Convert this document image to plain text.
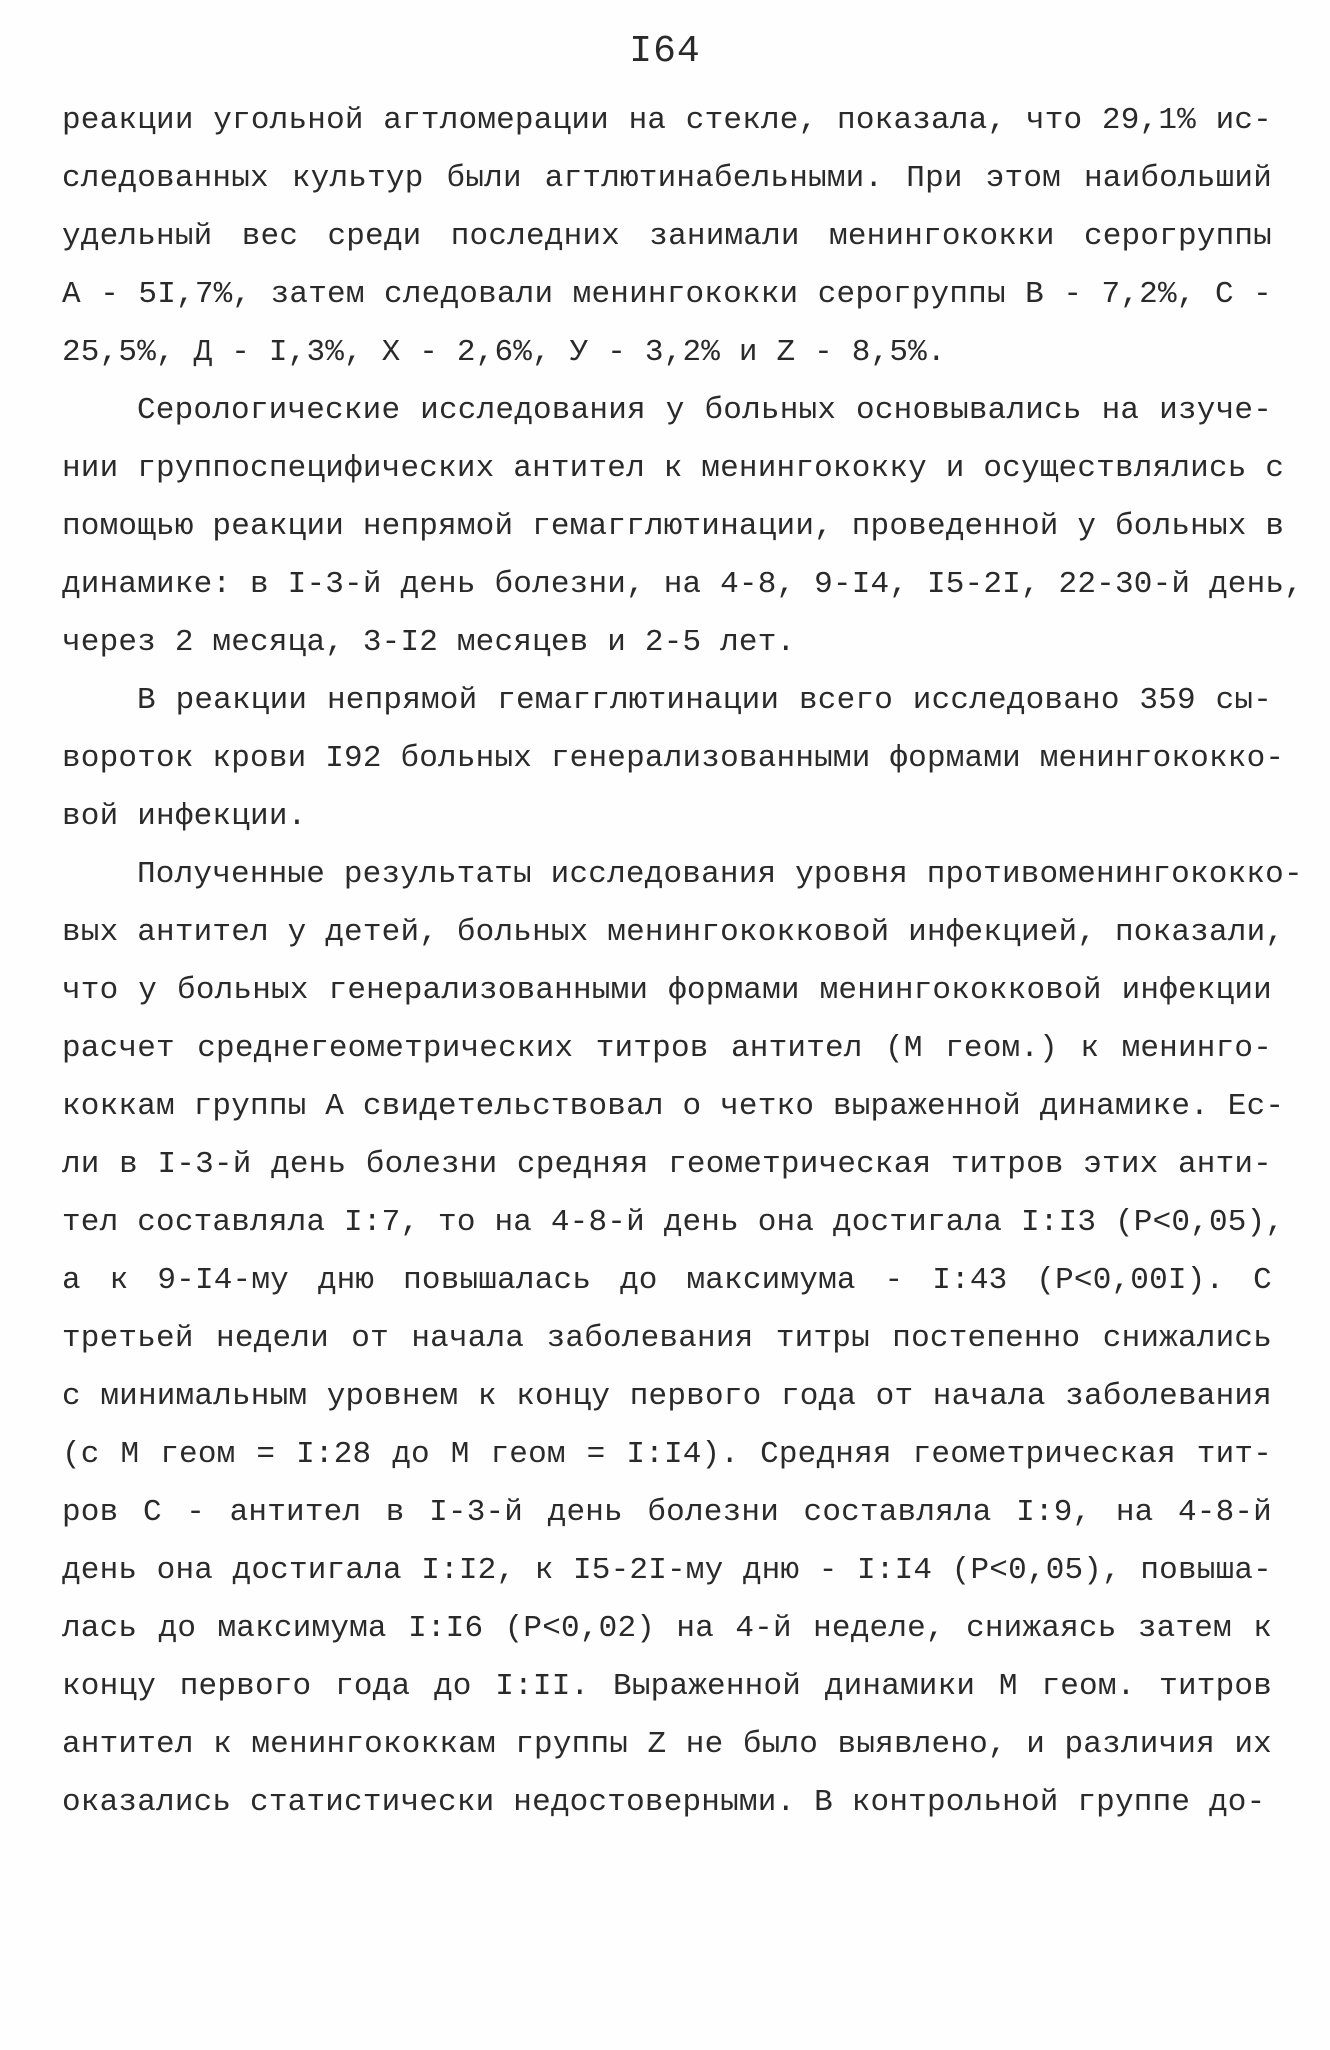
I64
реакции угольной агтломерации на стекле, показала, что 29,1% ис-
следованных культур были агтлютинабельными. При этом наибольший
удельный вес среди последних занимали менингококки серогруппы
А - 5I,7%, затем следовали менингококки серогруппы В - 7,2%, С -
25,5%, Д - I,3%, Х - 2,6%, У - 3,2% и Z - 8,5%.
Серологические исследования у больных основывались на изуче-
нии группоспецифических антител к менингококку и осуществлялись с
помощью реакции непрямой гемагглютинации, проведенной у больных в
динамике: в I-3-й день болезни, на 4-8, 9-I4, I5-2I, 22-30-й день,
через 2 месяца, 3-I2 месяцев и 2-5 лет.
В реакции непрямой гемагглютинации всего исследовано 359 сы-
вороток крови I92 больных генерализованными формами менингококко-
вой инфекции.
Полученные результаты исследования уровня противоменингококко-
вых антител у детей, больных менингококковой инфекцией, показали,
что у больных генерализованными формами менингококковой инфекции
расчет среднегеометрических титров антител (М геом.) к менинго-
коккам группы А свидетельствовал о четко выраженной динамике. Ес-
ли в I-3-й день болезни средняя геометрическая титров этих анти-
тел составляла I:7, то на 4-8-й день она достигала I:I3 (Р<0,05),
а к 9-I4-му дню повышалась до максимума - I:43 (Р<0,00I). С
третьей недели от начала заболевания титры постепенно снижались
с минимальным уровнем к концу первого года от начала заболевания
(с М геом = I:28 до М геом = I:I4). Средняя геометрическая тит-
ров С - антител в I-3-й день болезни составляла I:9, на 4-8-й
день она достигала I:I2, к I5-2I-му дню - I:I4 (Р<0,05), повыша-
лась до максимума I:I6 (Р<0,02) на 4-й неделе, снижаясь затем к
концу первого года до I:II. Выраженной динамики М геом. титров
антител к менингококкам группы Z не было выявлено, и различия их
оказались статистически недостоверными. В контрольной группе до-
